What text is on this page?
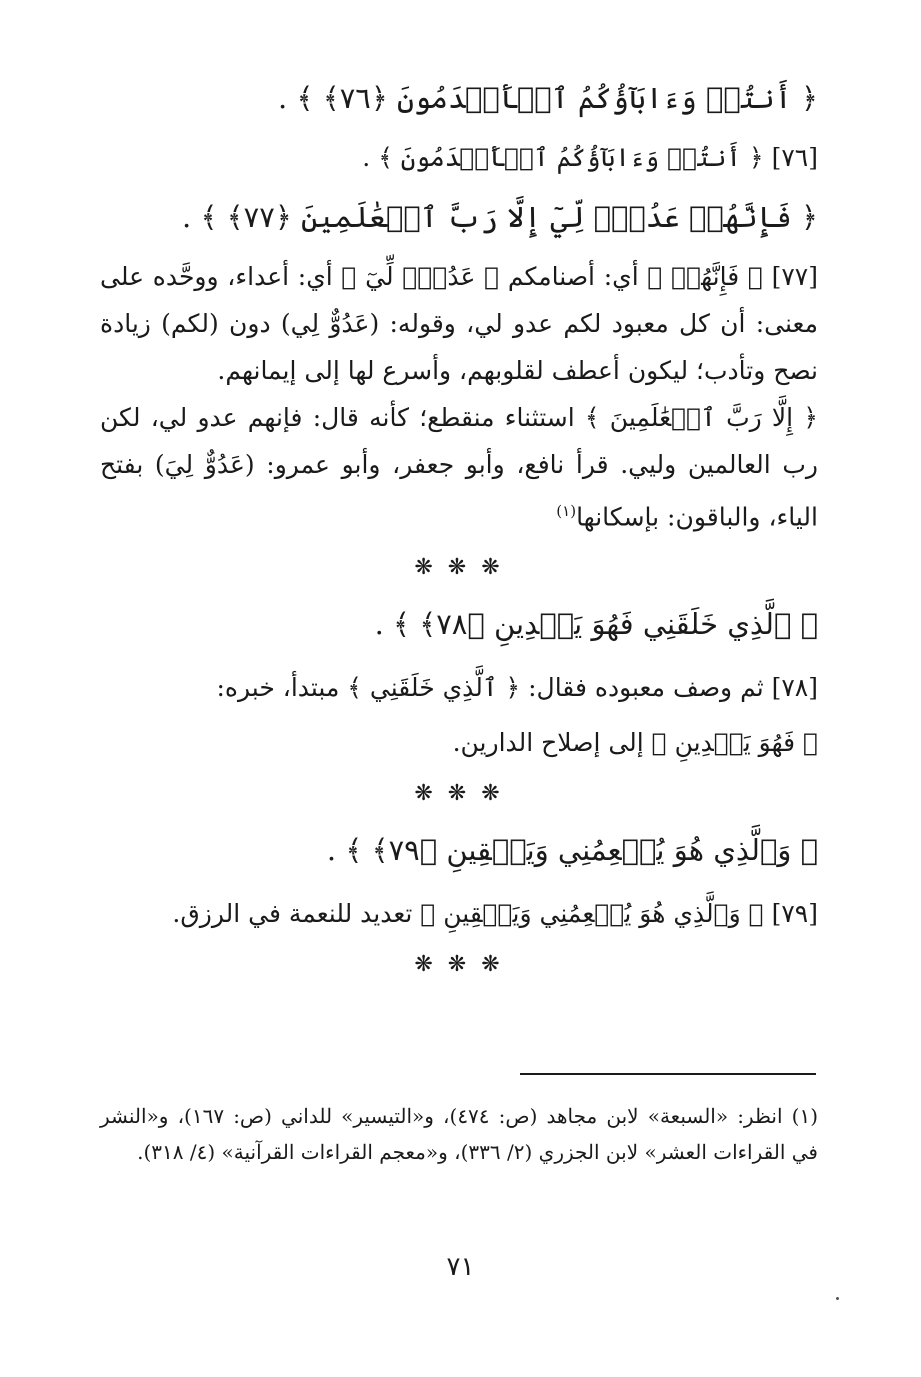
﴿ أَنتُمۡ وَءَابَآؤُكُمُ ٱلۡأَقۡدَمُونَ ﴿٧٦﴾ ﴾ .

[٧٦] ﴿ أَنتُمۡ وَءَابَآؤُكُمُ ٱلۡأَقۡدَمُونَ ﴾ .

﴿ فَإِنَّهُمۡ عَدُوّٞ لِّيٓ إِلَّا رَبَّ ٱلۡعَٰلَمِينَ ﴿٧٧﴾ ﴾ .

[٧٧] ﴿ فَإِنَّهُمۡ ﴾ أي: أصنامكم ﴿ عَدُوّٞ لِّيٓ ﴾ أي: أعداء، ووحَّده على معنى: أن كل معبود لكم عدو لي، وقوله: (عَدُوٌّ لِي) دون (لكم) زيادة نصح وتأدب؛ ليكون أعطف لقلوبهم، وأسرع لها إلى إيمانهم.

﴿ إِلَّا رَبَّ ٱلۡعَٰلَمِينَ ﴾ استثناء منقطع؛ كأنه قال: فإنهم عدو لي، لكن رب العالمين وليي. قرأ نافع، وأبو جعفر، وأبو عمرو: (عَدُوٌّ لِيَ) بفتح الياء، والباقون: بإسكانها$^{(١)}$

❋ ❋ ❋

﴿ ٱلَّذِي خَلَقَنِي فَهُوَ يَهۡدِينِ ﴿٧٨﴾ ﴾ .

[٧٨] ثم وصف معبوده فقال: ﴿ ٱلَّذِي خَلَقَنِي ﴾ مبتدأ، خبره:

﴿ فَهُوَ يَهۡدِينِ ﴾ إلى إصلاح الدارين.

❋ ❋ ❋

﴿ وَٱلَّذِي هُوَ يُطۡعِمُنِي وَيَسۡقِينِ ﴿٧٩﴾ ﴾ .

[٧٩] ﴿ وَٱلَّذِي هُوَ يُطۡعِمُنِي وَيَسۡقِينِ ﴾ تعديد للنعمة في الرزق.

❋ ❋ ❋

(١) انظر: «السبعة» لابن مجاهد (ص: ٤٧٤)، و«التيسير» للداني (ص: ١٦٧)، و«النشر في القراءات العشر» لابن الجزري (٢/ ٣٣٦)، و«معجم القراءات القرآنية» (٤/ ٣١٨).

٧١
